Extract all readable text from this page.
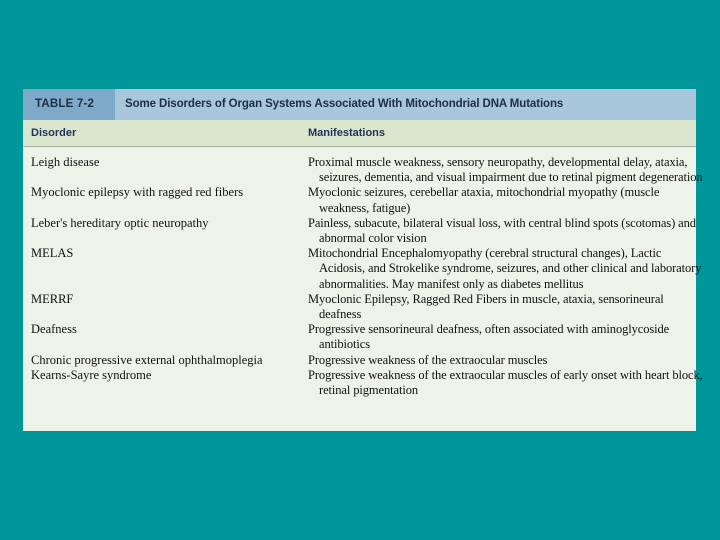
TABLE 7-2	Some Disorders of Organ Systems Associated With Mitochondrial DNA Mutations
Disorder	Manifestations
Leigh disease	Proximal muscle weakness, sensory neuropathy, developmental delay, ataxia, seizures, dementia, and visual impairment due to retinal pigment degeneration
Myoclonic epilepsy with ragged red fibers	Myoclonic seizures, cerebellar ataxia, mitochondrial myopathy (muscle weakness, fatigue)
Leber's hereditary optic neuropathy	Painless, subacute, bilateral visual loss, with central blind spots (scotomas) and abnormal color vision
MELAS	Mitochondrial Encephalomyopathy (cerebral structural changes), Lactic Acidosis, and Strokelike syndrome, seizures, and other clinical and laboratory abnormalities. May manifest only as diabetes mellitus
MERRF	Myoclonic Epilepsy, Ragged Red Fibers in muscle, ataxia, sensorineural deafness
Deafness	Progressive sensorineural deafness, often associated with aminoglycoside antibiotics
Chronic progressive external ophthalmoplegia	Progressive weakness of the extraocular muscles
Kearns-Sayre syndrome	Progressive weakness of the extraocular muscles of early onset with heart block, retinal pigmentation
